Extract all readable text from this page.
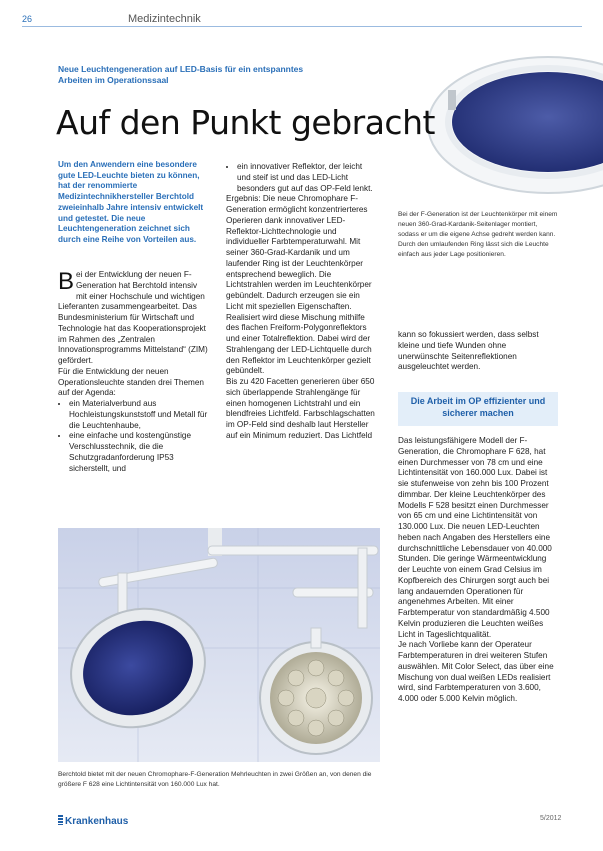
26	Medizintechnik
Neue Leuchtengeneration auf LED-Basis für ein entspanntes Arbeiten im Operationssaal
Auf den Punkt gebracht
Um den Anwendern eine besondere gute LED-Leuchte bieten zu können, hat der renommierte Medizintechnikhersteller Berchtold zweieinhalb Jahre intensiv entwickelt und getestet. Die neue Leuchtengeneration zeichnet sich durch eine Reihe von Vorteilen aus.

Bei der Entwicklung der neuen F-Generation hat Berchtold intensiv mit einer Hochschule und wichtigen Lieferanten zusammengearbeitet. Das Bundesministerium für Wirtschaft und Technologie hat das Kooperationsprojekt im Rahmen des „Zentralen Innovationsprogramms Mittelstand“ (ZIM) gefördert.

Für die Entwicklung der neuen Operationsleuchte standen drei Themen auf der Agenda:

• ein Materialverbund aus Hochleistungskunststoff und Metall für die Leuchtenhaube,
• eine einfache und kostengünstige Verschlusstechnik, die die Schutzgradanforderung IP53 sicherstellt, und
• ein innovativer Reflektor, der leicht und steif ist und das LED-Licht besonders gut auf das OP-Feld lenkt.

Ergebnis: Die neue Chromophare F-Generation ermöglicht konzentrierteres Operieren dank innovativer LED-Reflektor-Lichttechnologie und individueller Farbtemperaturwahl. Mit seiner 360-Grad-Kardanik und um laufender Ring ist der Leuchtenkörper entsprechend beweglich. Die Lichtstrahlen werden im Leuchtenkörper gebündelt. Dadurch erzeugen sie ein Licht mit speziellen Eigenschaften. Realisiert wird diese Mischung mithilfe des flachen Freiform-Polygonreflektors und einer Totalreflektion. Dabei wird der Strahlengang der LED-Lichtquelle durch den Reflektor im Leuchtenkörper gezielt gebündelt.

Bis zu 420 Facetten generieren über 650 sich überlappende Strahlengänge für einen homogenen Lichtstrahl und ein blendfreies Lichtfeld. Farbschlagschatten im OP-Feld sind deshalb laut Hersteller auf ein Minimum reduziert. Das Lichtfeld

Bei der F-Generation ist der Leuchtenkörper mit einem neuen 360-Grad-Kardanik-Seitenlager montiert, sodass er um die eigene Achse gedreht werden kann. Durch den umlaufenden Ring lässt sich die Leuchte einfach aus jeder Lage positionieren.

kann so fokussiert werden, dass selbst kleine und tiefe Wunden ohne unerwünschte Seitenreflektionen ausgeleuchtet werden.

Die Arbeit im OP effizienter und sicherer machen

Das leistungsfähigere Modell der F-Generation, die Chromophare F 628, hat einen Durchmesser von 78 cm und eine Lichtintensität von 160.000 Lux. Dabei ist sie stufenweise von zehn bis 100 Prozent dimmbar. Der kleine Leuchtenkörper des Modells F 528 besitzt einen Durchmesser von 65 cm und eine Lichtintensität von 130.000 Lux. Die neuen LED-Leuchten heben nach Angaben des Herstellers eine durchschnittliche Lebensdauer von 40.000 Stunden. Die geringe Wärmeentwicklung der Leuchte von einem Grad Celsius im Kopfbereich des Chirurgen sorgt auch bei lang andauernden Operationen für angenehmes Arbeiten. Mit einer Farbtemperatur von standardmäßig 4.500 Kelvin produzieren die Leuchten weißes Licht in Tageslichtqualität.

Je nach Vorliebe kann der Operateur Farbtemperaturen in drei weiteren Stufen auswählen. Mit Color Select, das über eine Mischung von dual weißen LEDs realisiert wird, sind Farbtemperaturen von 3.600, 4.000 oder 5.000 Kelvin möglich.

Berchtold bietet mit der neuen Chromophare-F-Generation Mehrleuchten in zwei Größen an, von denen die größere F 628 eine Lichtintensität von 160.000 Lux hat.
Krankenhaus	5/2012
